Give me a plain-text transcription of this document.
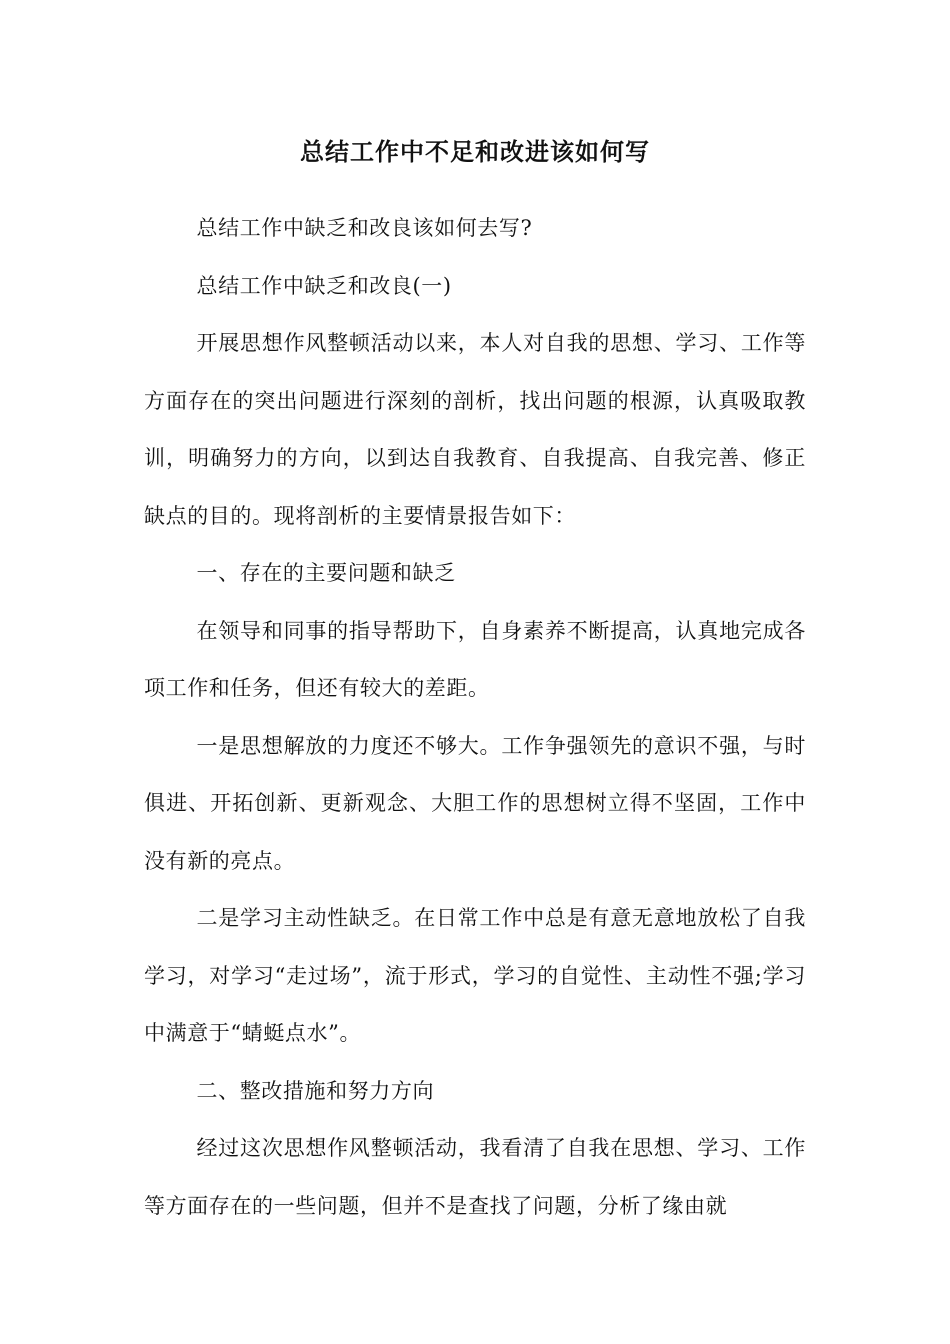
总结工作中不足和改进该如何写

总结工作中缺乏和改良该如何去写?

总结工作中缺乏和改良(一)

开展思想作风整顿活动以来，本人对自我的思想、学习、工作等方面存在的突出问题进行深刻的剖析，找出问题的根源，认真吸取教训，明确努力的方向，以到达自我教育、自我提高、自我完善、修正缺点的目的。现将剖析的主要情景报告如下：

一、存在的主要问题和缺乏

在领导和同事的指导帮助下，自身素养不断提高，认真地完成各项工作和任务，但还有较大的差距。

一是思想解放的力度还不够大。工作争强领先的意识不强，与时俱进、开拓创新、更新观念、大胆工作的思想树立得不坚固，工作中没有新的亮点。

二是学习主动性缺乏。在日常工作中总是有意无意地放松了自我学习，对学习“走过场”，流于形式，学习的自觉性、主动性不强;学习中满意于“蜻蜓点水”。

二、整改措施和努力方向

经过这次思想作风整顿活动，我看清了自我在思想、学习、工作等方面存在的一些问题，但并不是查找了问题，分析了缘由就
